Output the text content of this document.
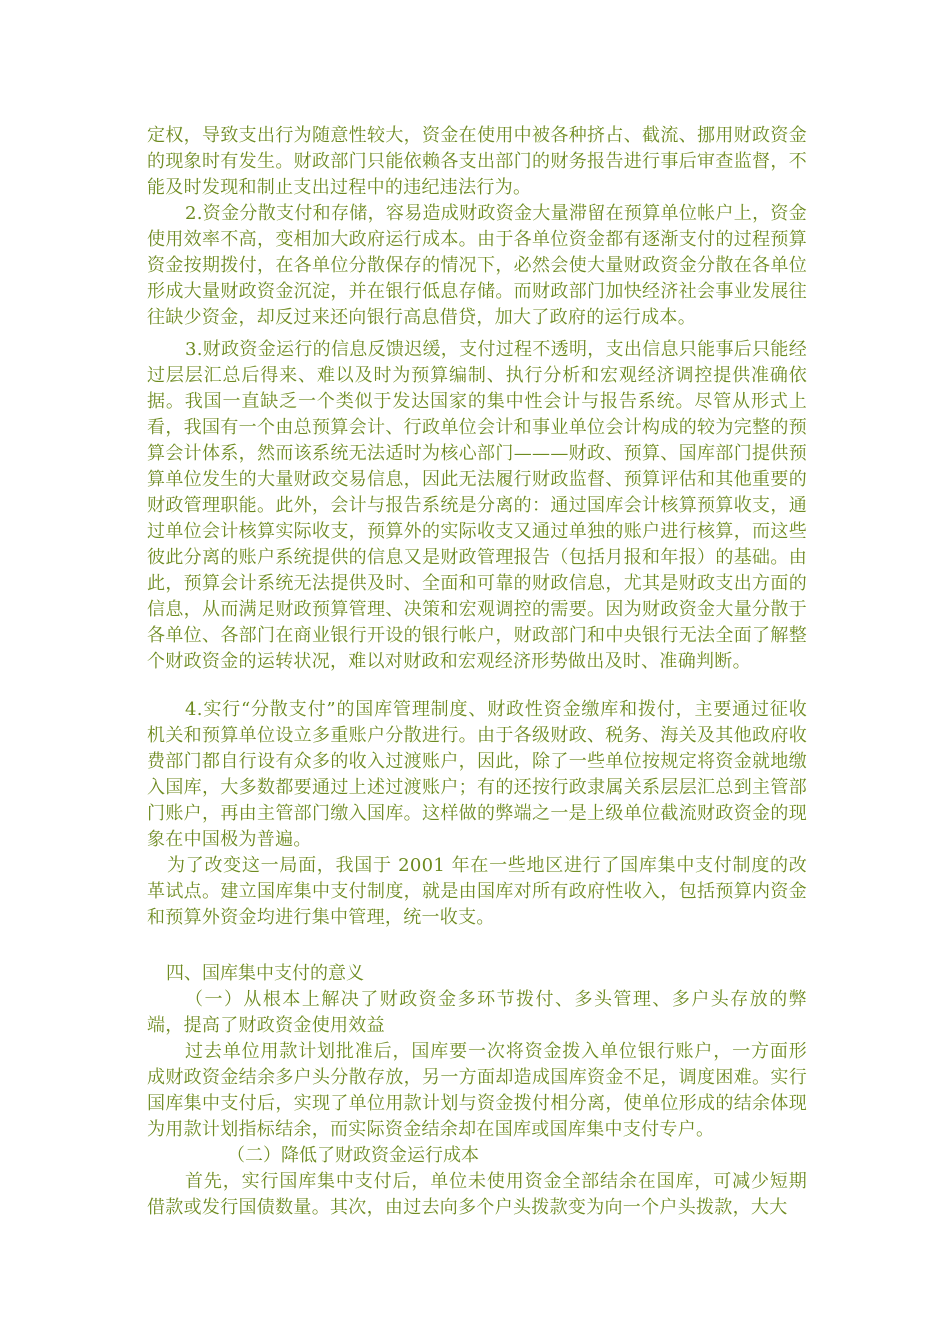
定权，导致支出行为随意性较大，资金在使用中被各种挤占、截流、挪用财政资金的现象时有发生。财政部门只能依赖各支出部门的财务报告进行事后审查监督，不能及时发现和制止支出过程中的违纪违法行为。

2.资金分散支付和存储，容易造成财政资金大量滞留在预算单位帐户上，资金使用效率不高，变相加大政府运行成本。由于各单位资金都有逐渐支付的过程预算资金按期拨付，在各单位分散保存的情况下，必然会使大量财政资金分散在各单位形成大量财政资金沉淀，并在银行低息存储。而财政部门加快经济社会事业发展往往缺少资金，却反过来还向银行高息借贷，加大了政府的运行成本。

3.财政资金运行的信息反馈迟缓，支付过程不透明，支出信息只能事后只能经过层层汇总后得来、难以及时为预算编制、执行分析和宏观经济调控提供准确依据。我国一直缺乏一个类似于发达国家的集中性会计与报告系统。尽管从形式上看，我国有一个由总预算会计、行政单位会计和事业单位会计构成的较为完整的预算会计体系，然而该系统无法适时为核心部门———财政、预算、国库部门提供预算单位发生的大量财政交易信息，因此无法履行财政监督、预算评估和其他重要的财政管理职能。此外，会计与报告系统是分离的：通过国库会计核算预算收支，通过单位会计核算实际收支，预算外的实际收支又通过单独的账户进行核算，而这些彼此分离的账户系统提供的信息又是财政管理报告（包括月报和年报）的基础。由此，预算会计系统无法提供及时、全面和可靠的财政信息，尤其是财政支出方面的信息，从而满足财政预算管理、决策和宏观调控的需要。因为财政资金大量分散于各单位、各部门在商业银行开设的银行帐户，财政部门和中央银行无法全面了解整个财政资金的运转状况，难以对财政和宏观经济形势做出及时、准确判断。

4.实行“分散支付”的国库管理制度、财政性资金缴库和拨付，主要通过征收机关和预算单位设立多重账户分散进行。由于各级财政、税务、海关及其他政府收费部门都自行设有众多的收入过渡账户，因此，除了一些单位按规定将资金就地缴入国库，大多数都要通过上述过渡账户；有的还按行政隶属关系层层汇总到主管部门账户，再由主管部门缴入国库。这样做的弊端之一是上级单位截流财政资金的现象在中国极为普遍。

为了改变这一局面，我国于 2001 年在一些地区进行了国库集中支付制度的改革试点。建立国库集中支付制度，就是由国库对所有政府性收入，包括预算内资金和预算外资金均进行集中管理，统一收支。

四、国库集中支付的意义

（一）从根本上解决了财政资金多环节拨付、多头管理、多户头存放的弊端，提高了财政资金使用效益

过去单位用款计划批准后，国库要一次将资金拨入单位银行账户，一方面形成财政资金结余多户头分散存放，另一方面却造成国库资金不足，调度困难。实行国库集中支付后，实现了单位用款计划与资金拨付相分离，使单位形成的结余体现为用款计划指标结余，而实际资金结余却在国库或国库集中支付专户。

（二）降低了财政资金运行成本

首先，实行国库集中支付后，单位未使用资金全部结余在国库，可减少短期借款或发行国债数量。其次，由过去向多个户头拨款变为向一个户头拨款，大大
